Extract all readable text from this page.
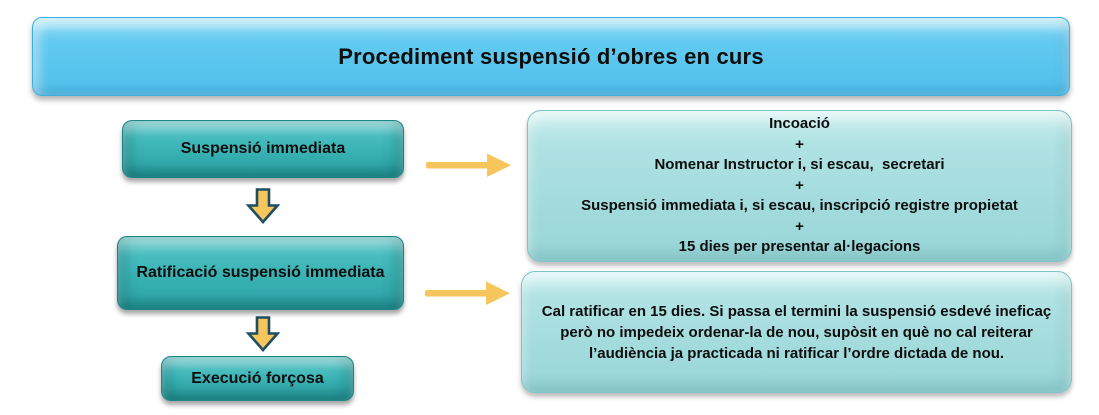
Procediment suspensió d’obres en curs
Suspensió immediata
Ratificació suspensió immediata
Execució forçosa
Incoació
+
Nomenar Instructor i, si escau,  secretari
+
Suspensió immediata i, si escau, inscripció registre propietat
+
15 dies per presentar al·legacions

Cal ratificar en 15 dies. Si passa el termini la suspensió esdevé ineficaç però no impedeix ordenar-la de nou, supòsit en què no cal reiterar l’audiència ja practicada ni ratificar l’ordre dictada de nou.
